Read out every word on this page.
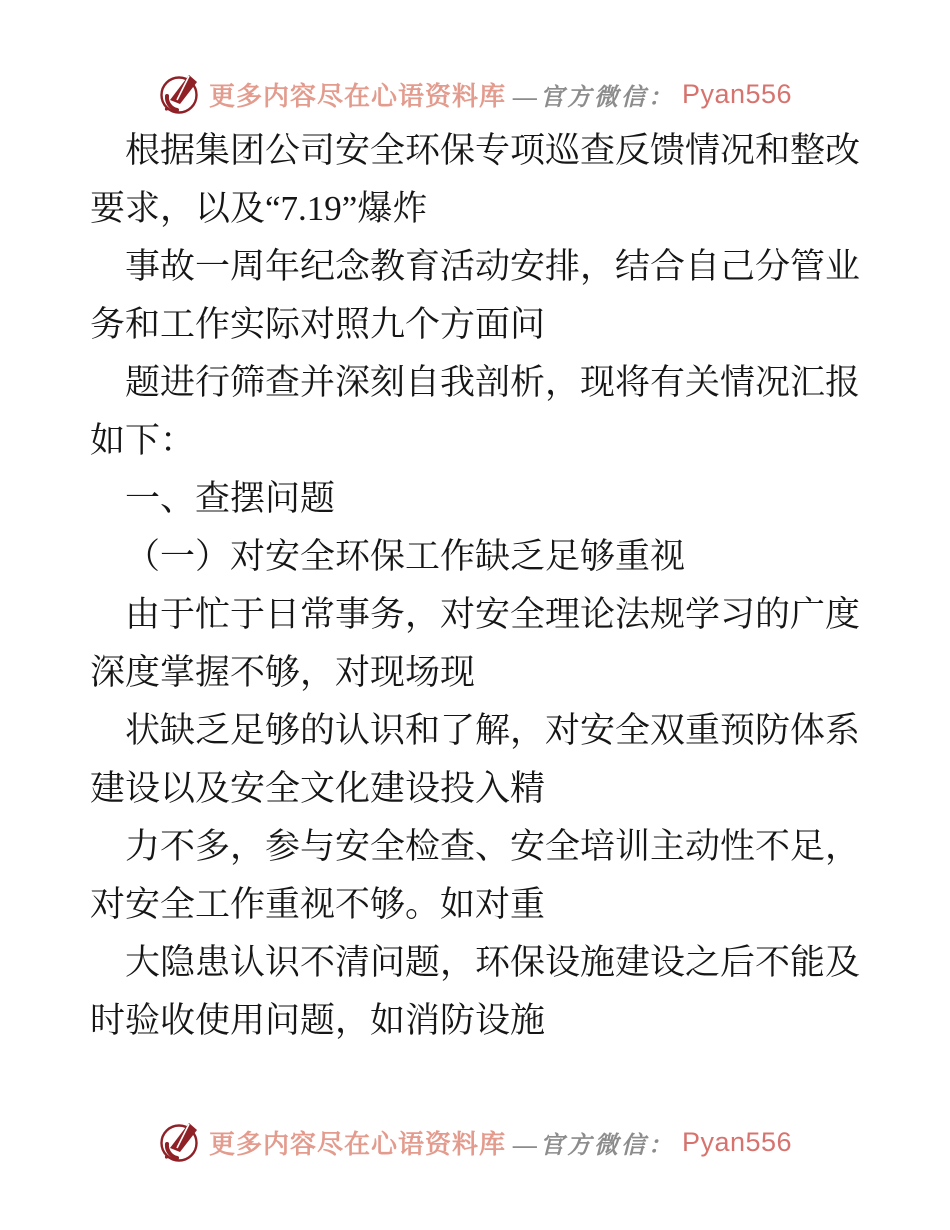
更多内容尽在心语资料库 —官方微信： Pyan556

根据集团公司安全环保专项巡查反馈情况和整改

要求，以及“7.19”爆炸

事故一周年纪念教育活动安排，结合自己分管业

务和工作实际对照九个方面问

题进行筛查并深刻自我剖析，现将有关情况汇报

如下：

一、查摆问题

（一）对安全环保工作缺乏足够重视

由于忙于日常事务，对安全理论法规学习的广度

深度掌握不够，对现场现

状缺乏足够的认识和了解，对安全双重预防体系

建设以及安全文化建设投入精

力不多，参与安全检查、安全培训主动性不足，

对安全工作重视不够。如对重

大隐患认识不清问题，环保设施建设之后不能及

时验收使用问题，如消防设施

更多内容尽在心语资料库 —官方微信： Pyan556
